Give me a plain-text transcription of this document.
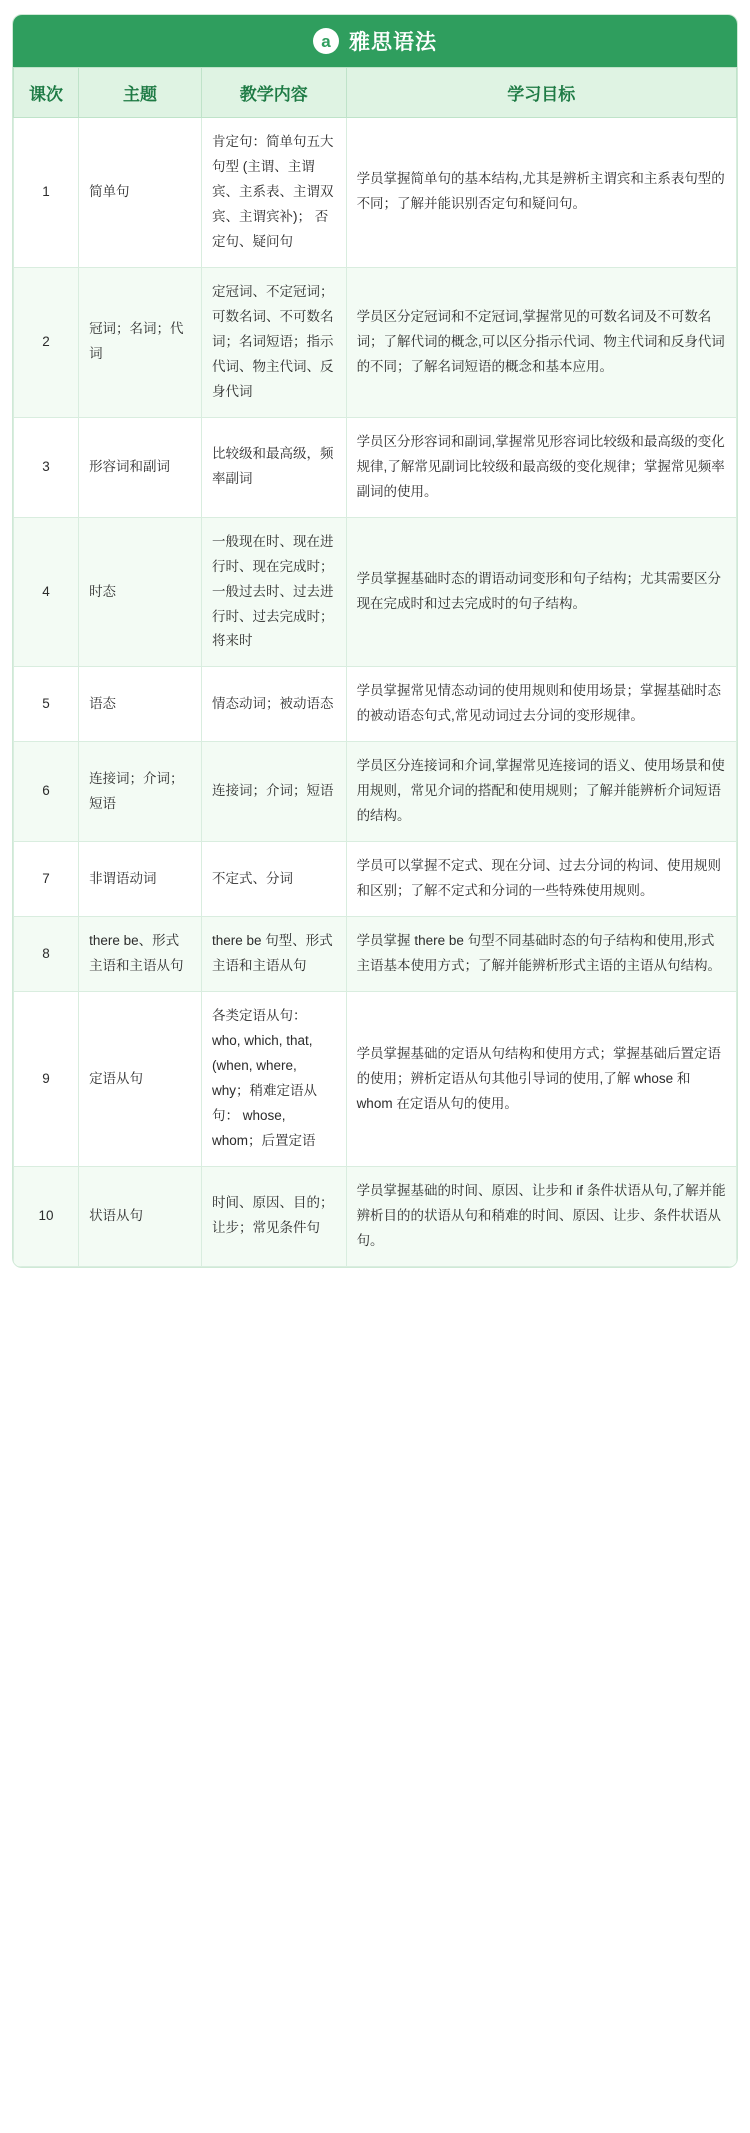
a 雅思语法
课次	主题	教学内容	学习目标
1	简单句	肯定句：简单句五大句型 (主谓、主谓宾、主系表、主谓双宾、主谓宾补)； 否定句、疑问句	学员掌握简单句的基本结构,尤其是辨析主谓宾和主系表句型的不同；了解并能识别否定句和疑问句。
2	冠词；名词；代词	定冠词、不定冠词；可数名词、不可数名词；名词短语；指示代词、物主代词、反身代词	学员区分定冠词和不定冠词,掌握常见的可数名词及不可数名词；了解代词的概念,可以区分指示代词、物主代词和反身代词的不同；了解名词短语的概念和基本应用。
3	形容词和副词	比较级和最高级，频率副词	学员区分形容词和副词,掌握常见形容词比较级和最高级的变化规律,了解常见副词比较级和最高级的变化规律；掌握常见频率副词的使用。
4	时态	一般现在时、现在进行时、现在完成时；一般过去时、过去进行时、过去完成时；将来时	学员掌握基础时态的谓语动词变形和句子结构；尤其需要区分现在完成时和过去完成时的句子结构。
5	语态	情态动词；被动语态	学员掌握常见情态动词的使用规则和使用场景；掌握基础时态的被动语态句式,常见动词过去分词的变形规律。
6	连接词；介词；短语	连接词；介词；短语	学员区分连接词和介词,掌握常见连接词的语义、使用场景和使用规则，常见介词的搭配和使用规则；了解并能辨析介词短语的结构。
7	非谓语动词	不定式、分词	学员可以掌握不定式、现在分词、过去分词的构词、使用规则和区别；了解不定式和分词的一些特殊使用规则。
8	there be、形式主语和主语从句	there be 句型、形式主语和主语从句	学员掌握 there be 句型不同基础时态的句子结构和使用,形式主语基本使用方式；了解并能辨析形式主语的主语从句结构。
9	定语从句	各类定语从句： who, which, that, (when, where, why；稍难定语从句： whose, whom；后置定语	学员掌握基础的定语从句结构和使用方式；掌握基础后置定语的使用；辨析定语从句其他引导词的使用,了解 whose 和 whom 在定语从句的使用。
10	状语从句	时间、原因、目的；让步；常见条件句	学员掌握基础的时间、原因、让步和 if 条件状语从句,了解并能辨析目的的状语从句和稍难的时间、原因、让步、条件状语从句。
